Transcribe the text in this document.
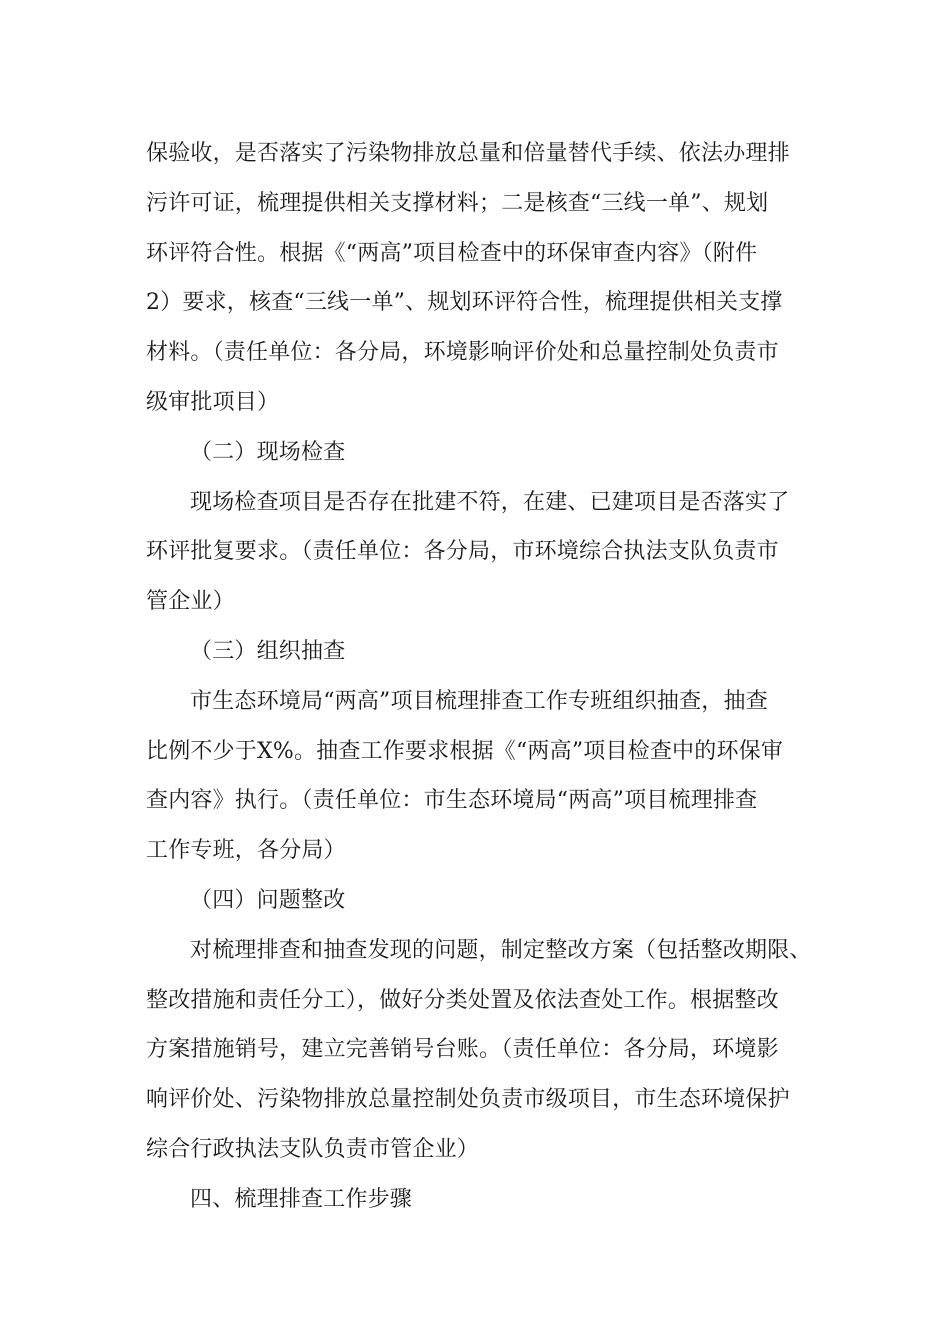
保验收，是否落实了污染物排放总量和倍量替代手续、依法办理排
污许可证，梳理提供相关支撑材料；二是核查“三线一单”、规划
环评符合性。根据《“两高”项目检查中的环保审查内容》（附件
2）要求，核查“三线一单”、规划环评符合性，梳理提供相关支撑
材料。（责任单位：各分局，环境影响评价处和总量控制处负责市
级审批项目）
（二）现场检查
现场检查项目是否存在批建不符，在建、已建项目是否落实了
环评批复要求。（责任单位：各分局，市环境综合执法支队负责市
管企业）
（三）组织抽查
市生态环境局“两高”项目梳理排查工作专班组织抽查，抽查
比例不少于X%。抽查工作要求根据《“两高”项目检查中的环保审
查内容》执行。（责任单位：市生态环境局“两高”项目梳理排查
工作专班，各分局）
（四）问题整改
对梳理排查和抽查发现的问题，制定整改方案（包括整改期限、
整改措施和责任分工），做好分类处置及依法查处工作。根据整改
方案措施销号，建立完善销号台账。（责任单位：各分局，环境影
响评价处、污染物排放总量控制处负责市级项目，市生态环境保护
综合行政执法支队负责市管企业）
四、梳理排查工作步骤
